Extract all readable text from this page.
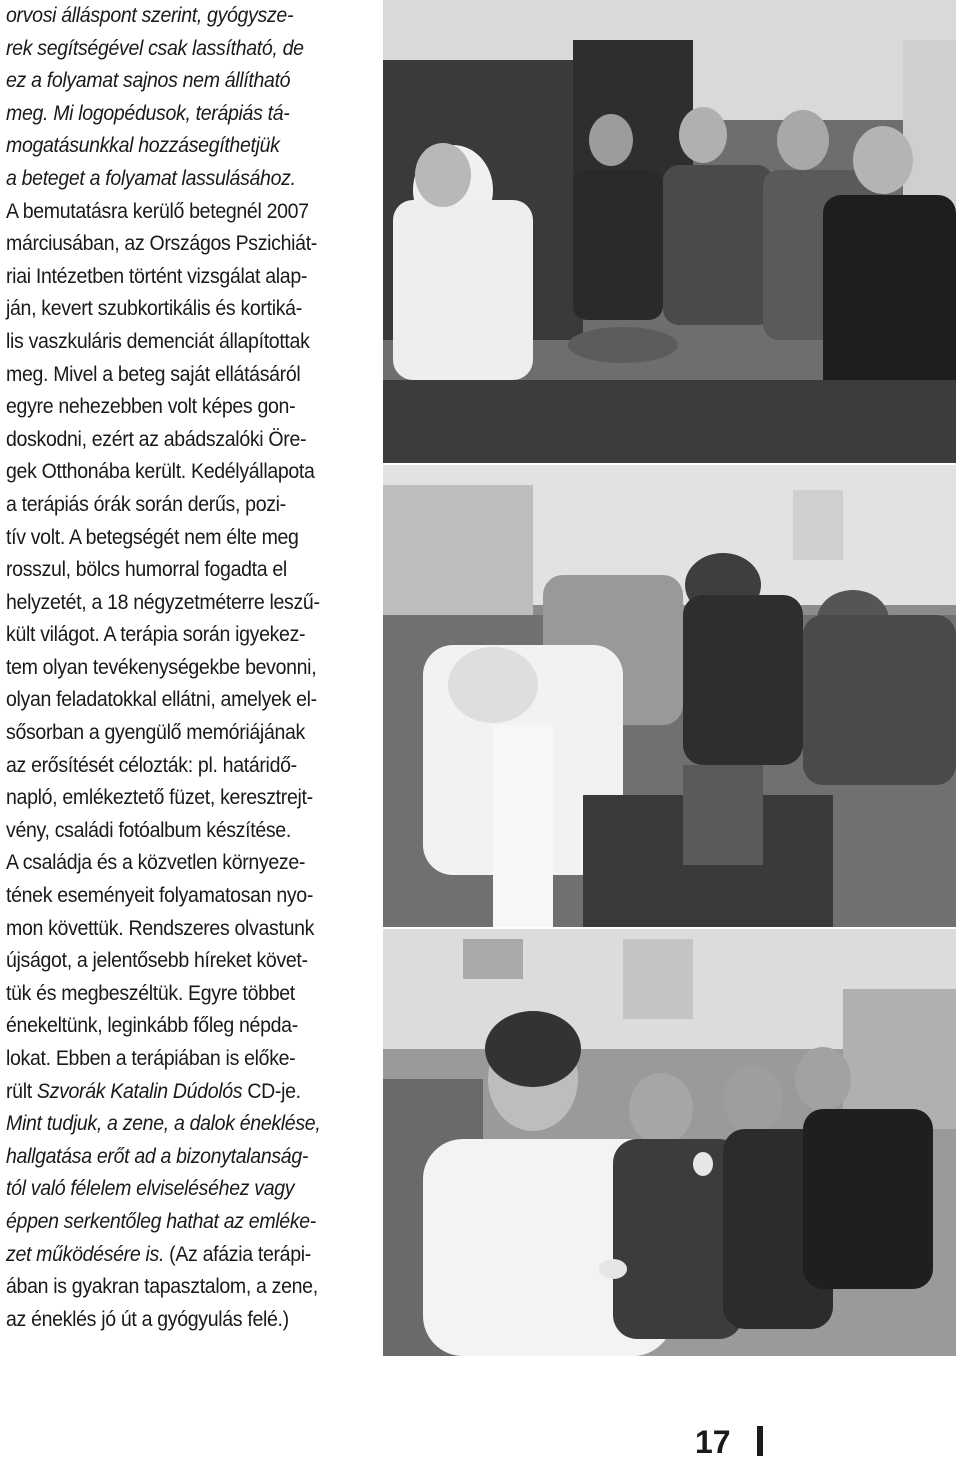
orvosi álláspont szerint, gyógysze-
rek segítségével csak lassítható, de
ez a folyamat sajnos nem állítható
meg. Mi logopédusok, terápiás tá-
mogatásunkkal hozzásegíthetjük
a beteget a folyamat lassulásához.
A bemutatásra kerülő betegnél 2007
márciusában, az Országos Pszichiát-
riai Intézetben történt vizsgálat alap-
ján, kevert szubkortikális és kortiká-
lis vaszkuláris demenciát állapítottak
meg. Mivel a beteg saját ellátásáról
egyre nehezebben volt képes gon-
doskodni, ezért az abádszalóki Öre-
gek Otthonába került. Kedélyállapota
a terápiás órák során derűs, pozi-
tív volt. A betegségét nem élte meg
rosszul, bölcs humorral fogadta el
helyzetét, a 18 négyzetméterre leszű-
kült világot. A terápia során igyekez-
tem olyan tevékenységekbe bevonni,
olyan feladatokkal ellátni, amelyek el-
sősorban a gyengülő memóriájának
az erősítését célozták: pl. határidő-
napló, emlékeztető füzet, keresztrejt-
vény, családi fotóalbum készítése.
A családja és a közvetlen környeze-
tének eseményeit folyamatosan nyo-
mon követtük. Rendszeres olvastunk
újságot, a jelentősebb híreket követ-
tük és megbeszéltük. Egyre többet
énekeltünk, leginkább főleg népda-
lokat. Ebben a terápiában is előke-
rült Szvorák Katalin Dúdolós CD-je.
Mint tudjuk, a zene, a dalok éneklése,
hallgatása erőt ad a bizonytalanság-
tól való félelem elviseléséhez vagy
éppen serkentőleg hathat az emléke-
zet működésére is. (Az afázia terápi-
ában is gyakran tapasztalom, a zene,
az éneklés jó út a gyógyulás felé.)
17
